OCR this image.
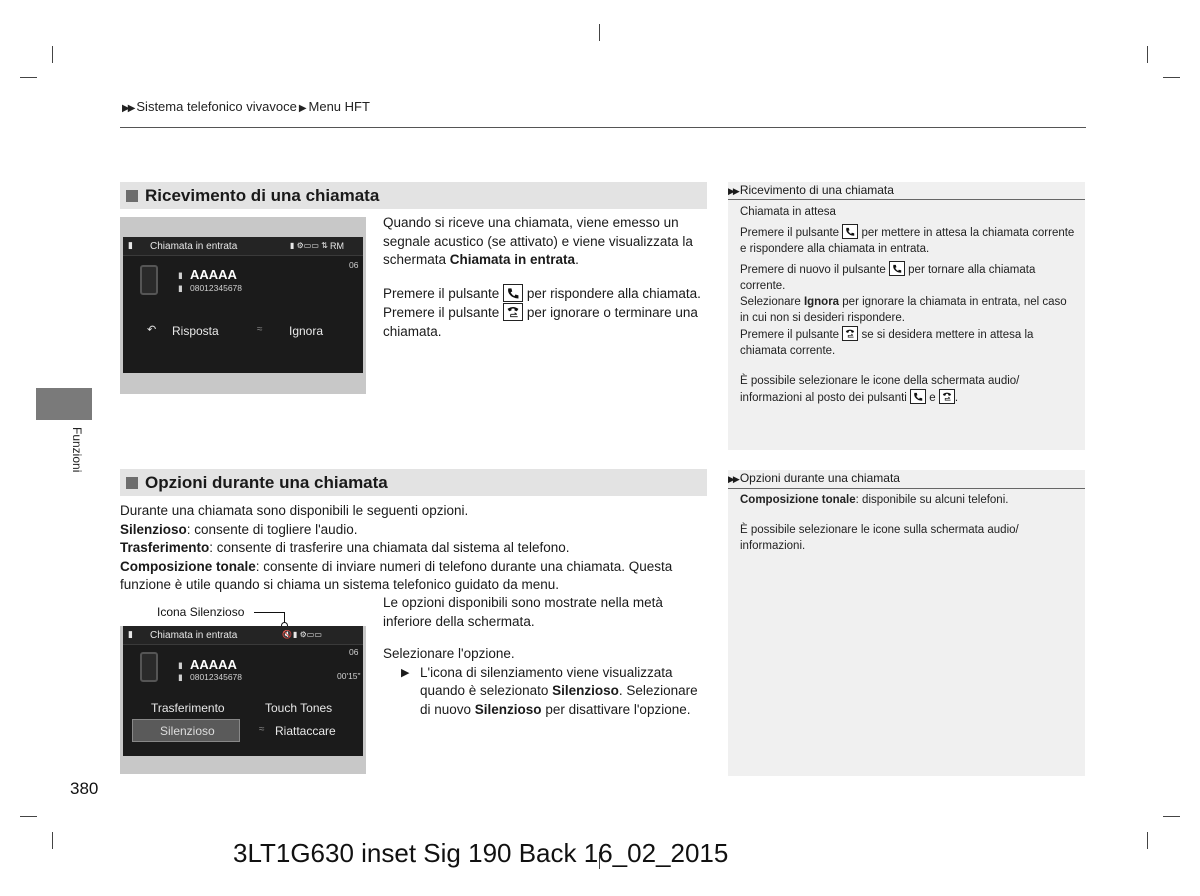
▶▶ Sistema telefonico vivavoce ▶ Menu HFT
Funzioni
Ricevimento di una chiamata
▮ Chiamata in entrata	▮ ⚙▭▭ ⇅ RM
06
▮ AAAAA
▮ 08012345678
↶ Risposta	≈ Ignora

Quando si riceve una chiamata, viene emesso un segnale acustico (se attivato) e viene visualizzata la schermata Chiamata in entrata.

Premere il pulsante
per rispondere alla chiamata.

Premere il pulsante
per ignorare o terminare una chiamata.

▶▶ Ricevimento di una chiamata

Chiamata in attesa

Premere il pulsante
per mettere in attesa la chiamata corrente e rispondere alla chiamata in entrata.

Premere di nuovo il pulsante
per tornare alla chiamata corrente.

Selezionare Ignora per ignorare la chiamata in entrata, nel caso in cui non si desideri rispondere.

Premere il pulsante
se si desidera mettere in attesa la chiamata corrente.

È possibile selezionare le icone della schermata audio/ informazioni al posto dei pulsanti
e
.

Opzioni durante una chiamata

Durante una chiamata sono disponibili le seguenti opzioni.

Silenzioso: consente di togliere l'audio.

Trasferimento: consente di trasferire una chiamata dal sistema al telefono.

Composizione tonale: consente di inviare numeri di telefono durante una chiamata. Questa funzione è utile quando si chiama un sistema telefonico guidato da menu.

Icona Silenzioso
▮ Chiamata in entrata	🔇 ▮ ⚙▭▭
06
00'15"
▮ AAAAA
▮ 08012345678
Trasferimento	Touch Tones
Silenzioso	≈ Riattaccare

Le opzioni disponibili sono mostrate nella metà inferiore della schermata.

Selezionare l'opzione.

▶ L'icona di silenziamento viene visualizzata quando è selezionato Silenzioso. Selezionare di nuovo Silenzioso per disattivare l'opzione.
▶▶ Opzioni durante una chiamata

Composizione tonale: disponibile su alcuni telefoni.

È possibile selezionare le icone sulla schermata audio/ informazioni.

380
3LT1G630 inset Sig 190 Back 16_02_2015
